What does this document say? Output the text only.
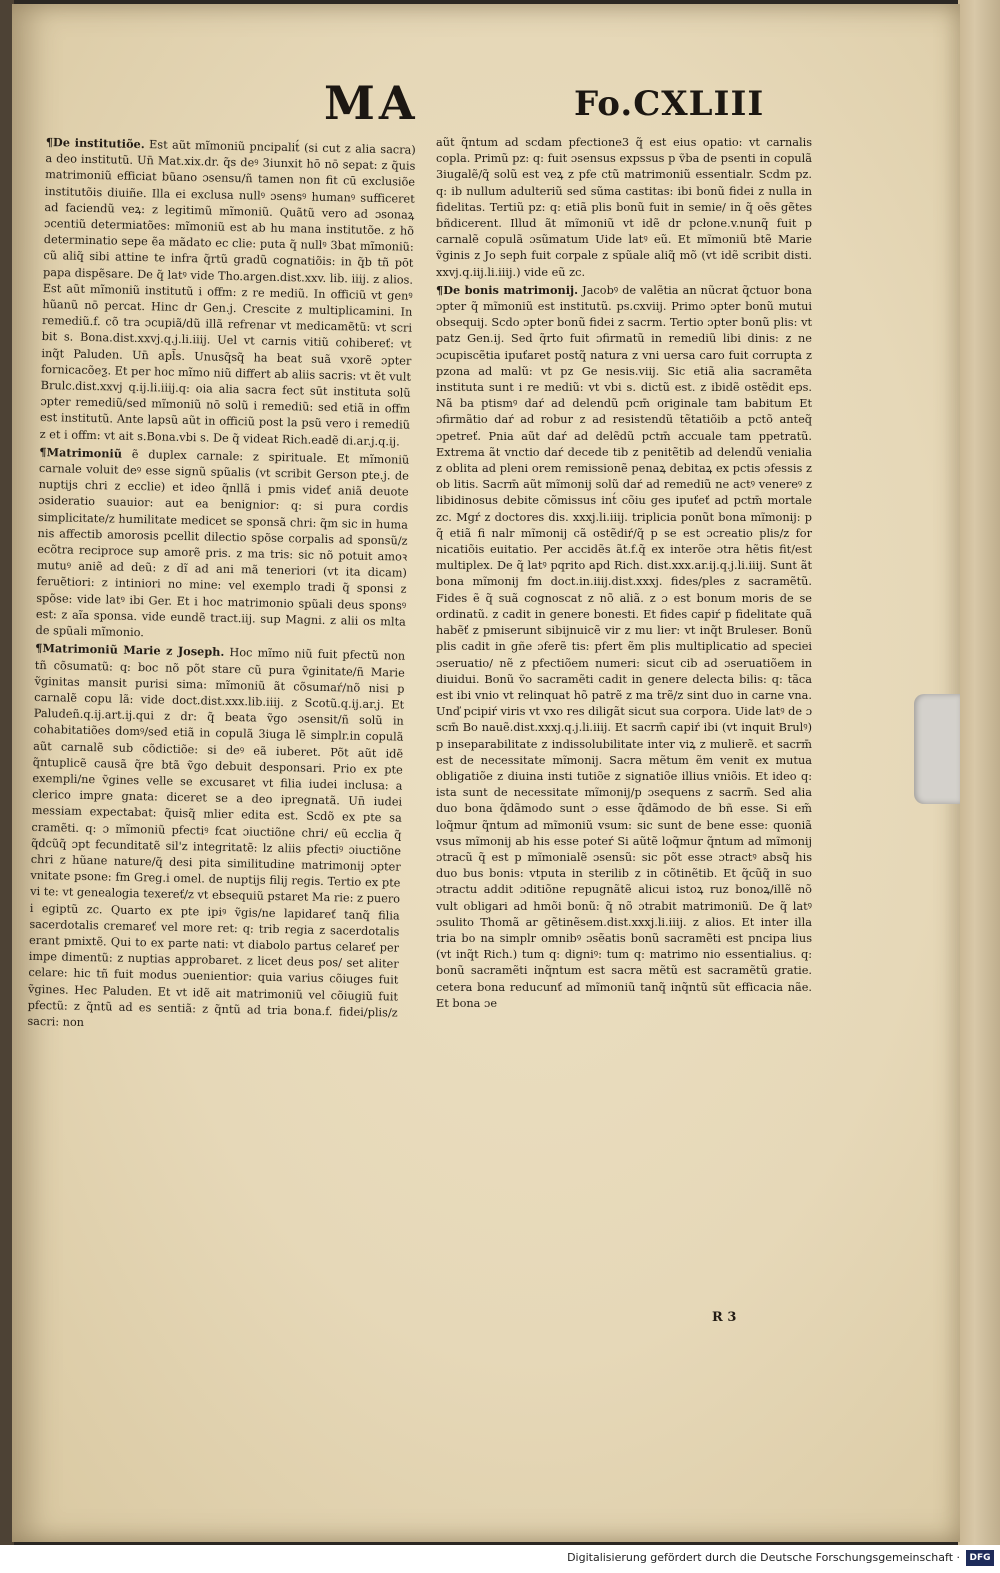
MA	Fo.CXLIII

¶De institutiõe. Est aũt mĩmoniũ pncipalit́ (si cut z alia sacra) a deo institutũ. Un̄ Mat.xix.dr. q̃s deꝰ 3iunxit hō nō sepat: z q̃uis matrimoniũ efficiat bũano ɔsensu/ñ tamen non fit cū exclusiõe institutõis diuiñe. Illa ei exclusa nullꝰ ɔsensꝰ humanꝰ sufficeret ad faciendũ veꝝ: z legitimũ mĩmoniũ. Quãtũ vero ad ɔsonaꝝ ɔcentiũ determiatões: mĩmoniũ est ab hu mana institutõe. z hõ determinatio sepe ẽa mãdato ec clie: puta q̃ nullꝰ 3bat mĩmoniũ: cũ aliq̃ sibi attine te infra q̃rtũ gradũ cognatiõis: in q̃b tñ pōt papa dispẽsare. De q̃ latꝰ vide Tho.argen.dist.xxv. lib. iiij. z alios. Est aũt mĩmoniũ institutũ i offm: z re mediũ. In officiũ vt genꝰ hũanũ nō percat. Hinc dr Gen.j. Crescite z multiplicamini. In remediũ.f. cõ tra ɔcupiã/dũ illã refrenar vt medicamẽtũ: vt scri bit s. Bona.dist.xxvj.q.j.li.iiij. Uel vt carnis vitiũ cohibereť: vt inq̃t Paluden. Un̄ apl̄s. Unusq̃sq̃ ha beat suã vxorẽ ɔpter fornicacõeƺ. Et per hoc mĩmo niũ differt ab aliis sacris: vt ẽt vult Brulc.dist.xxvj q.ij.li.iiij.q: oia alia sacra fect sūt instituta solũ ɔpter remediũ/sed mĩmoniũ nō solũ i remediũ: sed etiã in offm est institutũ. Ante lapsũ aũt in officiũ post la psũ vero i remediũ z et i offm: vt ait s.Bona.vbi s. De q̃ videat Rich.eadẽ di.ar.j.q.ij.

¶Matrimoniũ ẽ duplex carnale: z spirituale. Et mĩmoniũ carnale voluit deꝰ esse signũ spũalis (vt scribit Gerson pte.j. de nuptijs chri z ecclie) et ideo q̃nllã i pmis videť aniã deuote ɔsideratio suauior: aut ea benignior: q: si pura cordis simplicitate/z humilitate medicet se sponsã chri: q̃m sic in huma nis affectib amorosis pcellit dilectio spõse corpalis ad sponsũ/z ecõtra reciproce sup amorẽ pris. z ma tris: sic nõ potuit amoꝛ mutuꝰ aniẽ ad deũ: z dĩ ad ani mã teneriori (vt ita dicam) feruẽtiori: z intiniori no mine: vel exemplo tradi q̃ sponsi z spõse: vide latꝰ ibi Ger. Et i hoc matrimonio spũali deus sponsꝰ est: z aĩa sponsa. vide eundẽ tract.iij. sup Magni. z alii os mlta de spũali mĩmonio.

¶Matrimoniũ Marie z Joseph. Hoc mĩmo niũ fuit pfectũ non tñ cõsumatũ: q: boc nõ põt stare cũ pura ṽginitate/ñ Marie ṽginitas mansit purisi sima: mĩmoniũ ãt cõsumaŕ/nõ nisi p carnalẽ copu lã: vide doct.dist.xxx.lib.iiij. z Scotũ.q.ij.ar.j. Et Paludeñ.q.ij.art.ij.qui z dr: q̃ beata ṽgo ɔsensit/ñ solũ in cohabitatiões domꝰ/sed etiã in copulã 3iuga lẽ simplr.in copulã aũt carnalẽ sub cõdictiõe: si deꝰ eã iuberet. Põt aũt idẽ q̃ntuplicẽ causã q̃re btã ṽgo debuit desponsari. Prio ex pte exempli/ne ṽgines velle se excusaret vt filia iudei inclusa: a clerico impre gnata: diceret se a deo ipregnatã. Un̄ iudei messiam expectabat: q̃uisq̃ mlier edita est. Scdõ ex pte sa cramẽti. q: ɔ mĩmoniũ pfectiꝰ fcat ɔiuctiõne chri/ eũ ecclia q̃ q̃dcũq̃ ɔpt fecunditatẽ sil'z integritatẽ: lz aliis pfectiꝰ ɔiuctiõne chri z hũane nature/q̃ desi pita similitudine matrimonij ɔpter vnitate psone: fm Greg.i omel. de nuptijs filij regis. Tertio ex pte vi te: vt genealogia texereť/z vt ebsequiũ pstaret Ma rie: z puero i egiptũ zc. Quarto ex pte ipiꝰ ṽgis/ne lapidareť tanq̃ filia sacerdotalis cremareť vel more ret: q: trib regia z sacerdotalis erant pmixtẽ. Qui to ex parte nati: vt diabolo partus celareť per impe dimentũ: z nuptias approbaret. z licet deus pos/ set aliter celare: hic tñ fuit modus ɔuenientior: quia varius cõiuges fuit ṽgines. Hec Paluden. Et vt idẽ ait matrimoniũ vel cõiugiũ fuit pfectũ: z q̃ntũ ad es sentiã: z q̃ntũ ad tria bona.f. fidei/plis/z sacri: non

aũt q̃ntum ad scdam pfectione3 q̃ est eius opatio: vt carnalis copla. Primũ pz: q: fuit ɔsensus expssus p ṽba de psenti in copulã 3iugalẽ/q̃ solũ est veꝝ z pfe ctũ matrimoniũ essentialr. Scdm pz. q: ib nullum adulteriũ sed sũma castitas: ibi bonũ fidei z nulla in fidelitas. Tertiũ pz: q: etiã plis bonũ fuit in semie/ in q̃ oẽs gẽtes bñdicerent. Illud ãt mĩmoniũ vt idẽ dr pcłone.v.nunq̃ fuit p carnalẽ copulã ɔsũmatum Uide latꝰ eũ. Et mĩmoniũ btẽ Marie ṽginis z Jo seph fuit corpale z spũale aliq̃ mõ (vt idẽ scribit disti. xxvj.q.iij.li.iiij.) vide eũ zc.

¶De bonis matrimonij. Jacobꝰ de valẽtia an nũcrat q̃ctuor bona ɔpter q̃ mĩmoniũ est institutũ. ps.cxviij. Primo ɔpter bonũ mutui obsequij. Scdo ɔpter bonũ fidei z sacrm. Tertio ɔpter bonũ plis: vt patz Gen.ij. Sed q̃rto fuit ɔfirmatũ in remediũ libi dinis: z ne ɔcupiscẽtia ipuťaret postq̃ natura z vni uersa caro fuit corrupta z pzona ad malũ: vt pz Ge nesis.viij. Sic etiã alia sacramẽta instituta sunt i re mediũ: vt vbi s. dictũ est. z ibidẽ ostẽdit eps. Nã ba ptismꝰ daŕ ad delendũ pcm̄ originale tam babitum Et ɔfirmãtio daŕ ad robur z ad resistendũ tẽtatiõib a pctõ anteq̃ ɔpetreť. Pnia aũt daŕ ad delẽdũ pctm̄ accuale tam ppetratũ. Extrema ãt vnctio daŕ decede tib z penitẽtib ad delendũ venialia z oblita ad pleni orem remissionẽ penaꝝ debitaꝝ ex pctis ɔfessis z ob litis. Sacrm̄ aũt mĩmonij solũ daŕ ad remediũ ne actꝰ venereꝰ z libidinosus debite cõmissus int́ cõiu ges ipuťeť ad pctm̄ mortale zc. Mgŕ z doctores dis. xxxj.li.iiij. triplicia ponũt bona mĩmonij: p q̃ etiã fi nalr mĩmonij cã ostẽdiŕ/q̃ p se est ɔcreatio plis/z for nicatiõis euitatio. Per accidẽs ãt.f.q̃ ex interõe ɔtra hẽtis fit/est multiplex. De q̃ latꝰ pqrito apd Rich. dist.xxx.ar.ij.q.j.li.iiij. Sunt ãt bona mĩmonij fm doct.in.iiij.dist.xxxj. fides/ples z sacramẽtũ. Fides ẽ q̃ suã cognoscat z nõ aliã. z ɔ est bonum moris de se ordinatũ. z cadit in genere bonesti. Et fides capiŕ p fidelitate quã habẽť z pmiserunt sibijnuicẽ vir z mu lier: vt inq̃t Bruleser. Bonũ plis cadit in gñe ɔferẽ tis: pfert ẽm plis multiplicatio ad speciei ɔseruatio/ nẽ z pfectiõem numeri: sicut cib ad ɔseruatiõem in diuidui. Bonũ ṽo sacramẽti cadit in genere delecta bilis: q: tãca est ibi vnio vt relinquat hõ patrẽ z ma trẽ/z sint duo in carne vna. Unď pcipiŕ viris vt vxo res diligãt sicut sua corpora. Uide latꝰ de ɔ scm̄ Bo nauẽ.dist.xxxj.q.j.li.iiij. Et sacrm̄ capiŕ ibi (vt inquit Brulꝰ) p inseparabilitate z indissolubilitate inter viꝝ z mulierẽ. et sacrm̄ est de necessitate mĩmonij. Sacra mẽtum ẽm venit ex mutua obligatiõe z diuina insti tutiõe z signatiõe illius vniõis. Et ideo q: ista sunt de necessitate mĩmonij/p ɔsequens z sacrm̄. Sed alia duo bona q̃dãmodo sunt ɔ esse q̃dãmodo de bñ esse. Si em̃ loq̃mur q̃ntum ad mĩmoniũ vsum: sic sunt de bene esse: quoniã vsus mĩmonij ab his esse poteŕ Si aũtẽ loq̃mur q̃ntum ad mĩmonij ɔtracũ q̃ est p mĩmonialẽ ɔsensũ: sic põt esse ɔtractꝰ absq̃ his duo bus bonis: vtputa in sterilib z in cõtinẽtib. Et q̃cũq̃ in suo ɔtractu addit ɔditiõne repugnãtẽ alicui istoꝝ ruz bonoꝝ/illẽ nõ vult obligari ad hmõi bonũ: q̃ nõ ɔtrabit matrimoniũ. De q̃ latꝰ ɔsulito Thomã ar gẽtinẽsem.dist.xxxj.li.iiij. z alios. Et inter illa tria bo na simplr omnibꝰ ɔsẽatis bonũ sacramẽti est pncipa lius (vt inq̃t Rich.) tum q: digniꝰ: tum q: matrimo nio essentialius. q: bonũ sacramẽti inq̃ntum est sacra mẽtũ est sacramẽtũ gratie. cetera bona reducunť ad mĩmoniũ tanq̃ inq̃ntũ sũt efficacia nãe. Et bona ɔe

R 3
Digitalisierung gefördert durch die Deutsche Forschungsgemeinschaft ·	DFG
